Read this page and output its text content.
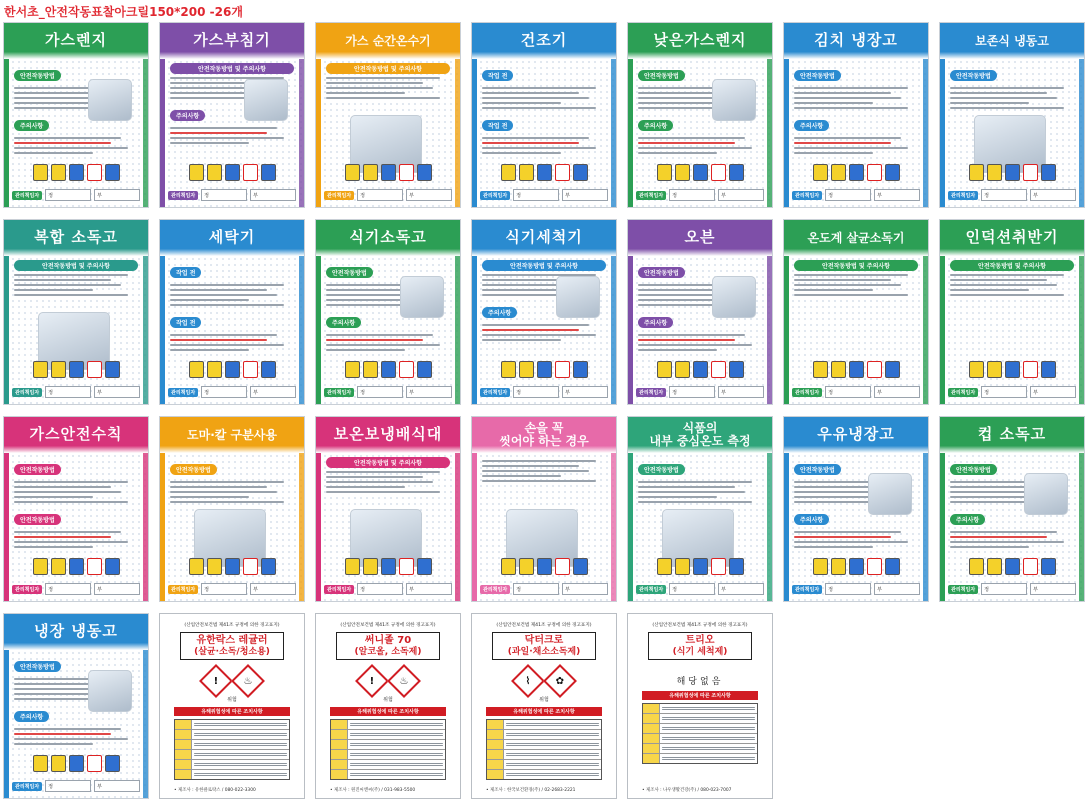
한서초_안전작동표찰아크릴150*200 -26개
가스렌지
안전작동방법
주의사항
관리책임자	정	부
가스부침기
안전작동방법 및 주의사항
주의사항
관리책임자	정	부
가스 순간온수기
안전작동방법 및 주의사항
관리책임자	정	부
건조기
작업 전
작업 전
관리책임자	정	부
낮은가스렌지
안전작동방법
주의사항
관리책임자	정	부
김치 냉장고
안전작동방법
주의사항
관리책임자	정	부
보존식 냉동고
안전작동방법
관리책임자	정	부
복합 소독고
안전작동방법 및 주의사항
관리책임자	정	부
세탁기
작업 전
작업 전
관리책임자	정	부
식기소독고
안전작동방법
주의사항
관리책임자	정	부
식기세척기
안전작동방법 및 주의사항
주의사항
관리책임자	정	부
오븐
안전작동방법
주의사항
관리책임자	정	부
온도계 살균소독기
안전작동방법 및 주의사항
관리책임자	정	부
인덕션취반기
안전작동방법 및 주의사항
관리책임자	정	부
가스안전수칙
안전작동방법
안전작동방법
관리책임자	정	부
도마·칼 구분사용
안전작동방법
관리책임자	정	부
보온보냉배식대
안전작동방법 및 주의사항
관리책임자	정	부
손을 꼭
씻어야 하는 경우
관리책임자	정	부
식품의
내부 중심온도 측정
안전작동방법
관리책임자	정	부
우유냉장고
안전작동방법
주의사항
관리책임자	정	부
컵 소독고
안전작동방법
주의사항
관리책임자	정	부
냉장 냉동고
안전작동방법
주의사항
관리책임자	정	부
(산업안전보건법 제41조 규정에 의한 경고표지)
유한락스 레귤러
(살균·소독/청소용)
!	♨
위험
유해위험성에 따른 조치사항
• 제조사 : 유한클로락스 / 080-022-3300
(산업안전보건법 제41조 규정에 의한 경고표지)
써니졸 70
(알코올, 소독제)
!	♨
위험
유해위험성에 따른 조치사항
• 제조사 : 원진씨앤씨(주) / 031-983-5500
(산업안전보건법 제41조 규정에 의한 경고표지)
닥터크로
(과일·채소소독제)
⌇	✿
위험
유해위험성에 따른 조치사항
• 제조사 : 한국보건환경(주) / 02-2683-2221
(산업안전보건법 제41조 규정에 의한 경고표지)
트리오
(식기 세척제)
해당없음
유해위험성에 따른 조치사항
• 제조사 : 나우생활건강(주) / 080-023-7007
